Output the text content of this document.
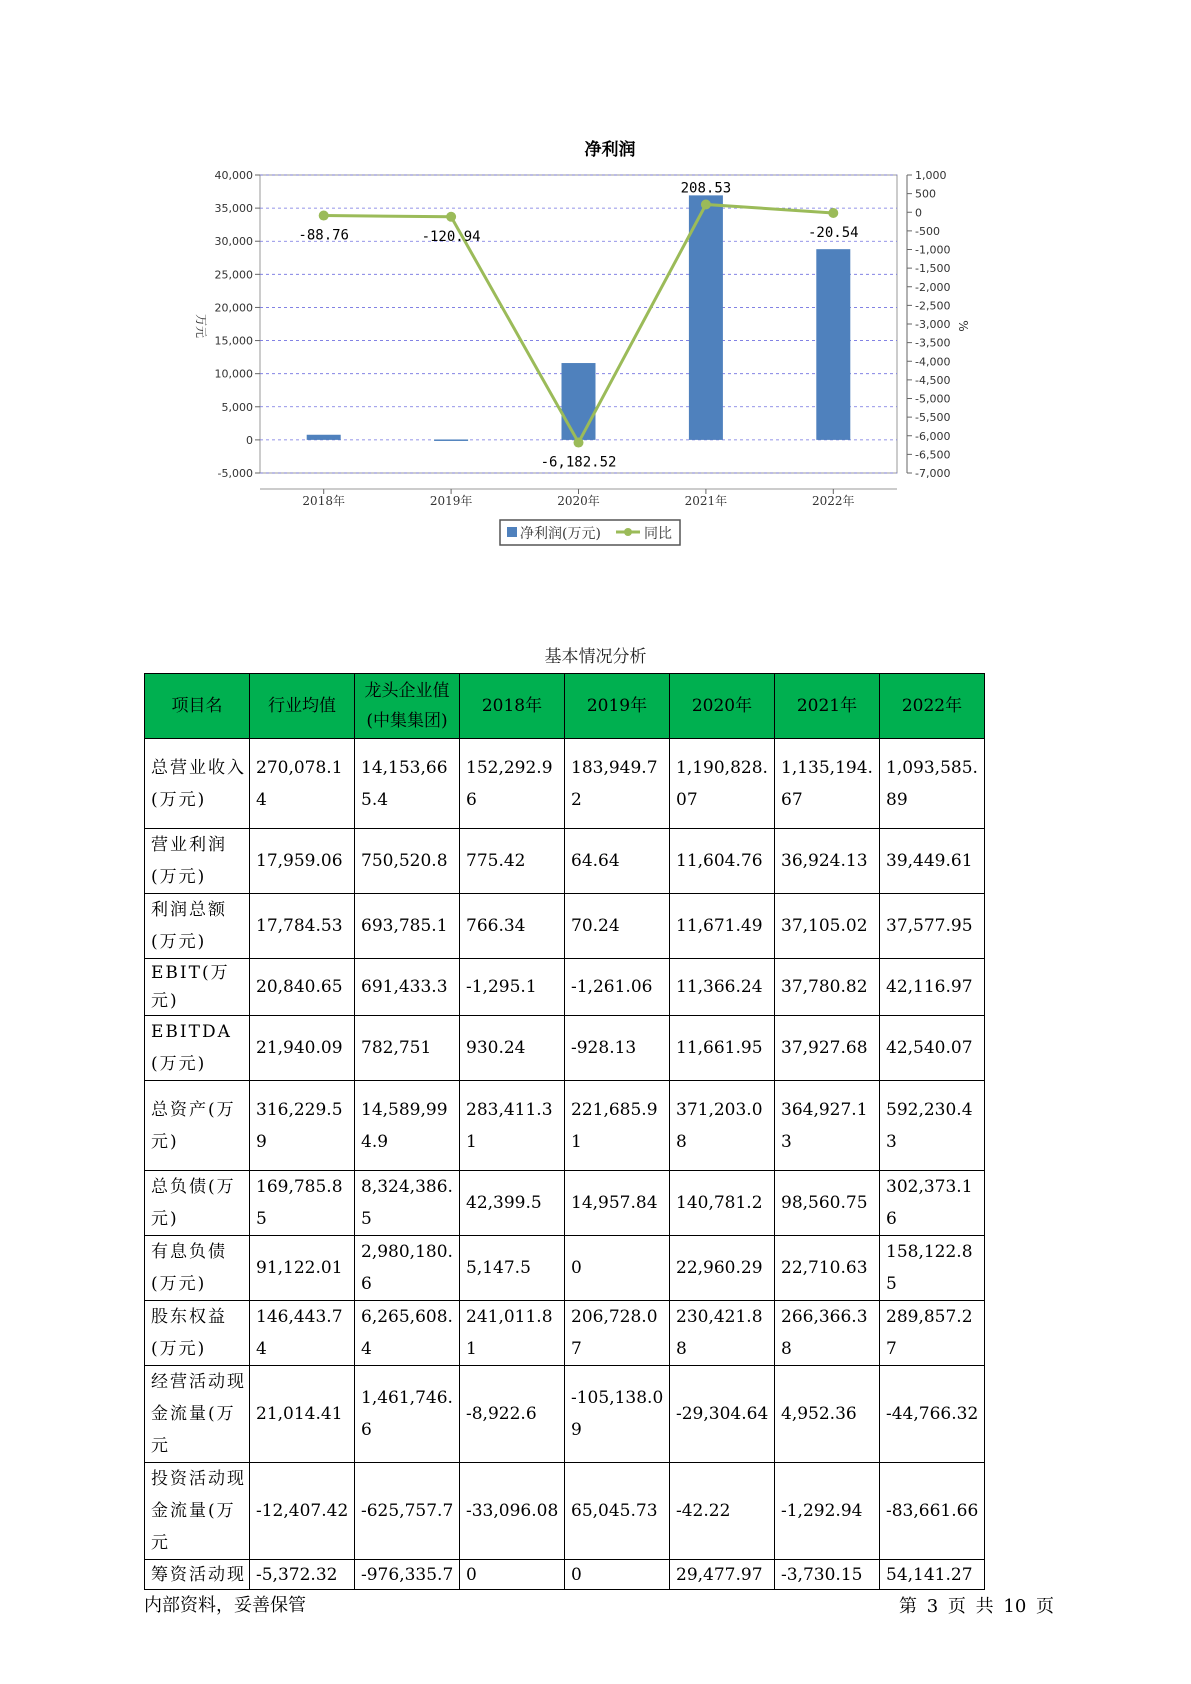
净利润
40,000
35,000
30,000
25,000
20,000
15,000
10,000
5,000
0
-5,000
1,000
500
0
-500
-1,000
-1,500
-2,000
-2,500
-3,000
-3,500
-4,000
-4,500
-5,000
-5,500
-6,000
-6,500
-7,000
2018年	2019年	2020年	2021年	2022年
-88.76	-120.94
-6,182.52
208.53
-20.54
万元	%
净利润(万元)	同比
基本情况分析
项目名	行业均值	龙头企业值(中集集团)	2018年	2019年	2020年	2021年	2022年
总营业收入(万元)	270,078.14	14,153,665.4	152,292.96	183,949.72	1,190,828.07	1,135,194.67	1,093,585.89
营业利润(万元)	17,959.06	750,520.8	775.42	64.64	11,604.76	36,924.13	39,449.61
利润总额(万元)	17,784.53	693,785.1	766.34	70.24	11,671.49	37,105.02	37,577.95
EBIT(万元)	20,840.65	691,433.3	-1,295.1	-1,261.06	11,366.24	37,780.82	42,116.97
EBITDA(万元)	21,940.09	782,751	930.24	-928.13	11,661.95	37,927.68	42,540.07
总资产(万元)	316,229.59	14,589,994.9	283,411.31	221,685.91	371,203.08	364,927.13	592,230.43
总负债(万元)	169,785.85	8,324,386.5	42,399.5	14,957.84	140,781.2	98,560.75	302,373.16
有息负债(万元)	91,122.01	2,980,180.6	5,147.5	0	22,960.29	22,710.63	158,122.85
股东权益(万元)	146,443.74	6,265,608.4	241,011.81	206,728.07	230,421.88	266,366.38	289,857.27
经营活动现金流量(万元	21,014.41	1,461,746.6	-8,922.6	-105,138.09	-29,304.64	4,952.36	-44,766.32
投资活动现金流量(万元	-12,407.42	-625,757.7	-33,096.08	65,045.73	-42.22	-1,292.94	-83,661.66
筹资活动现	-5,372.32	-976,335.7	0	0	29,477.97	-3,730.15	54,141.27
内部资料，妥善保管	第 3 页 共 10 页
